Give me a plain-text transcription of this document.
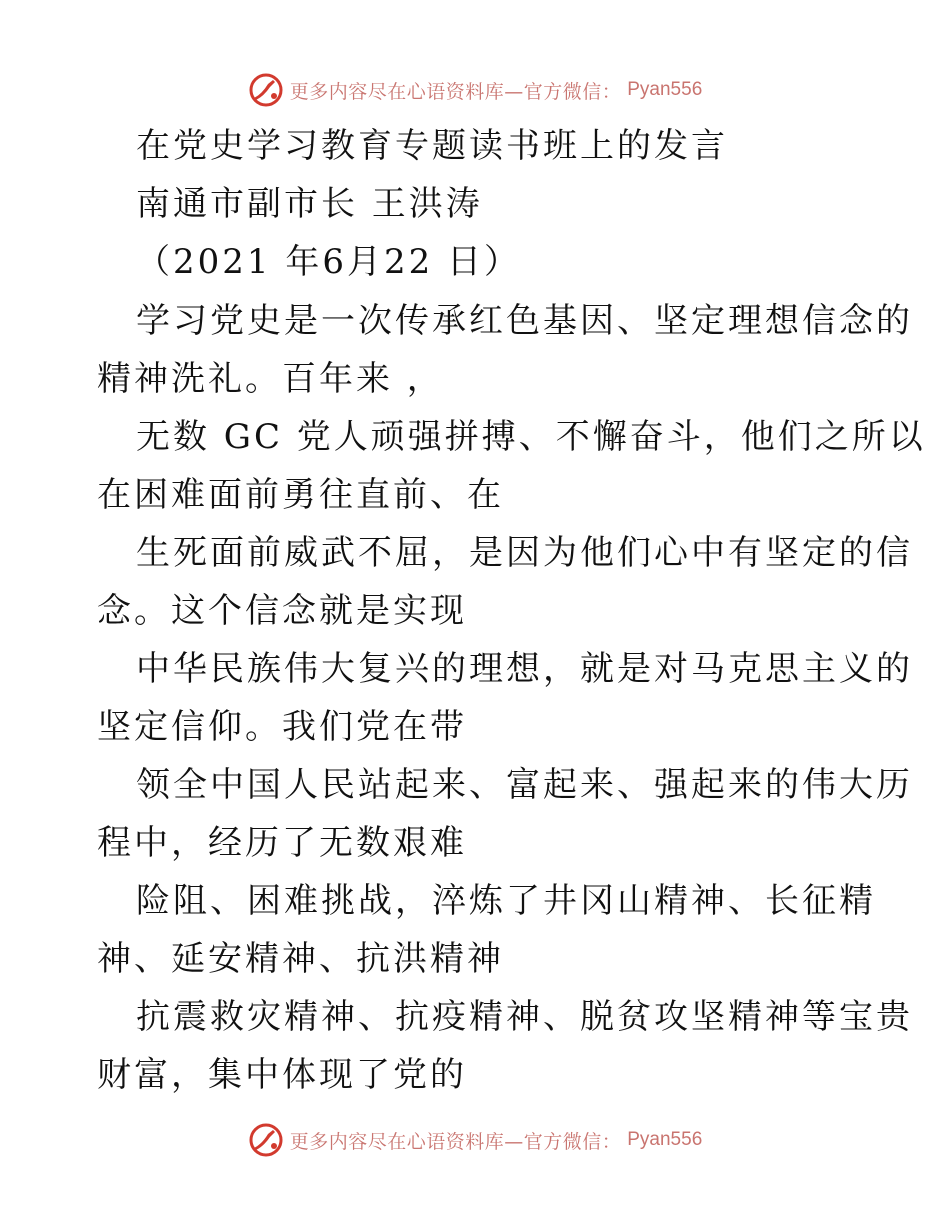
更多内容尽在心语资料库—官方微信： Pyan556
在党史学习教育专题读书班上的发言
南通市副市长 王洪涛
（2021 年6月22 日）
学习党史是一次传承红色基因、坚定理想信念的
精神洗礼。百年来 ，
无数 GC 党人顽强拼搏、不懈奋斗，他们之所以
在困难面前勇往直前、在
生死面前威武不屈，是因为他们心中有坚定的信
念。这个信念就是实现
中华民族伟大复兴的理想，就是对马克思主义的
坚定信仰。我们党在带
领全中国人民站起来、富起来、强起来的伟大历
程中，经历了无数艰难
险阻、困难挑战，淬炼了井冈山精神、长征精
神、延安精神、抗洪精神
抗震救灾精神、抗疫精神、脱贫攻坚精神等宝贵
财富，集中体现了党的
更多内容尽在心语资料库—官方微信： Pyan556
